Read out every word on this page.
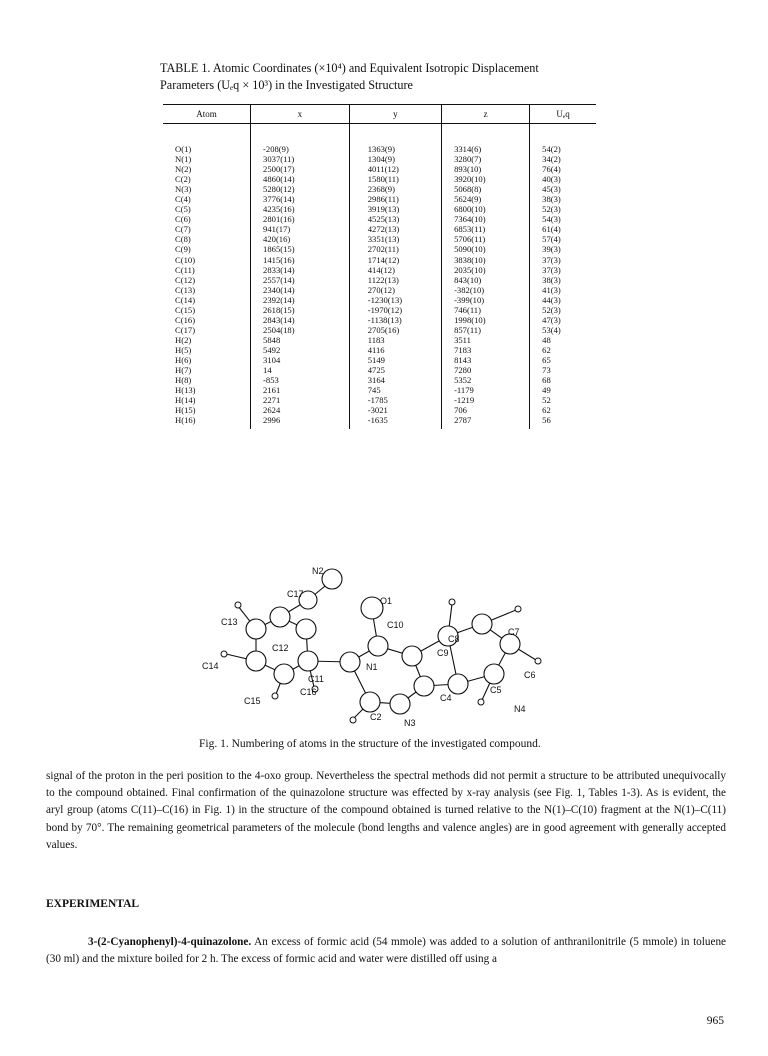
TABLE 1. Atomic Coordinates (×10⁴) and Equivalent Isotropic Displacement
Parameters (Uₑq × 10³) in the Investigated Structure
Atom	x	y	z	Uₑq

O(1)	-208(9)	1363(9)	3314(6)	54(2)
N(1)	3037(11)	1304(9)	3280(7)	34(2)
N(2)	2500(17)	4011(12)	893(10)	76(4)
C(2)	4860(14)	1580(11)	3920(10)	40(3)
N(3)	5280(12)	2368(9)	5068(8)	45(3)
C(4)	3776(14)	2986(11)	5624(9)	38(3)
C(5)	4235(16)	3919(13)	6800(10)	52(3)
C(6)	2801(16)	4525(13)	7364(10)	54(3)
C(7)	941(17)	4272(13)	6853(11)	61(4)
C(8)	420(16)	3351(13)	5706(11)	57(4)
C(9)	1865(15)	2702(11)	5090(10)	39(3)
C(10)	1415(16)	1714(12)	3838(10)	37(3)
C(11)	2833(14)	414(12)	2035(10)	37(3)
C(12)	2557(14)	1122(13)	843(10)	38(3)
C(13)	2340(14)	270(12)	-382(10)	41(3)
C(14)	2392(14)	-1230(13)	-399(10)	44(3)
C(15)	2618(15)	-1970(12)	746(11)	52(3)
C(16)	2843(14)	-1138(13)	1998(10)	47(3)
C(17)	2504(18)	2705(16)	857(11)	53(4)
H(2)	5848	1183	3511	48
H(5)	5492	4116	7183	62
H(6)	3104	5149	8143	65
H(7)	14	4725	7280	73
H(8)	-853	3164	5352	68
H(13)	2161	745	-1179	49
H(14)	2271	-1785	-1219	52
H(15)	2624	-3021	706	62
H(16)	2996	-1635	2787	56
N2
C17
O1
C13	C10
C8
C7
C12	C9
C14	N1
C6
C11
C16
C4
C5
N4
C15
C2
N3
Fig. 1. Numbering of atoms in the structure of the investigated compound.
signal of the proton in the peri position to the 4-oxo group. Nevertheless the spectral methods did not permit a structure to be attributed unequivocally to the compound obtained. Final confirmation of the quinazolone structure was effected by x-ray analysis (see Fig. 1, Tables 1-3). As is evident, the aryl group (atoms C(11)–C(16) in Fig. 1) in the structure of the compound obtained is turned relative to the N(1)–C(10) fragment at the N(1)–C(11) bond by 70°. The remaining geometrical parameters of the molecule (bond lengths and valence angles) are in good agreement with generally accepted values.
EXPERIMENTAL
3-(2-Cyanophenyl)-4-quinazolone. An excess of formic acid (54 mmole) was added to a solution of anthranilonitrile (5 mmole) in toluene (30 ml) and the mixture boiled for 2 h. The excess of formic acid and water were distilled off using a
965
